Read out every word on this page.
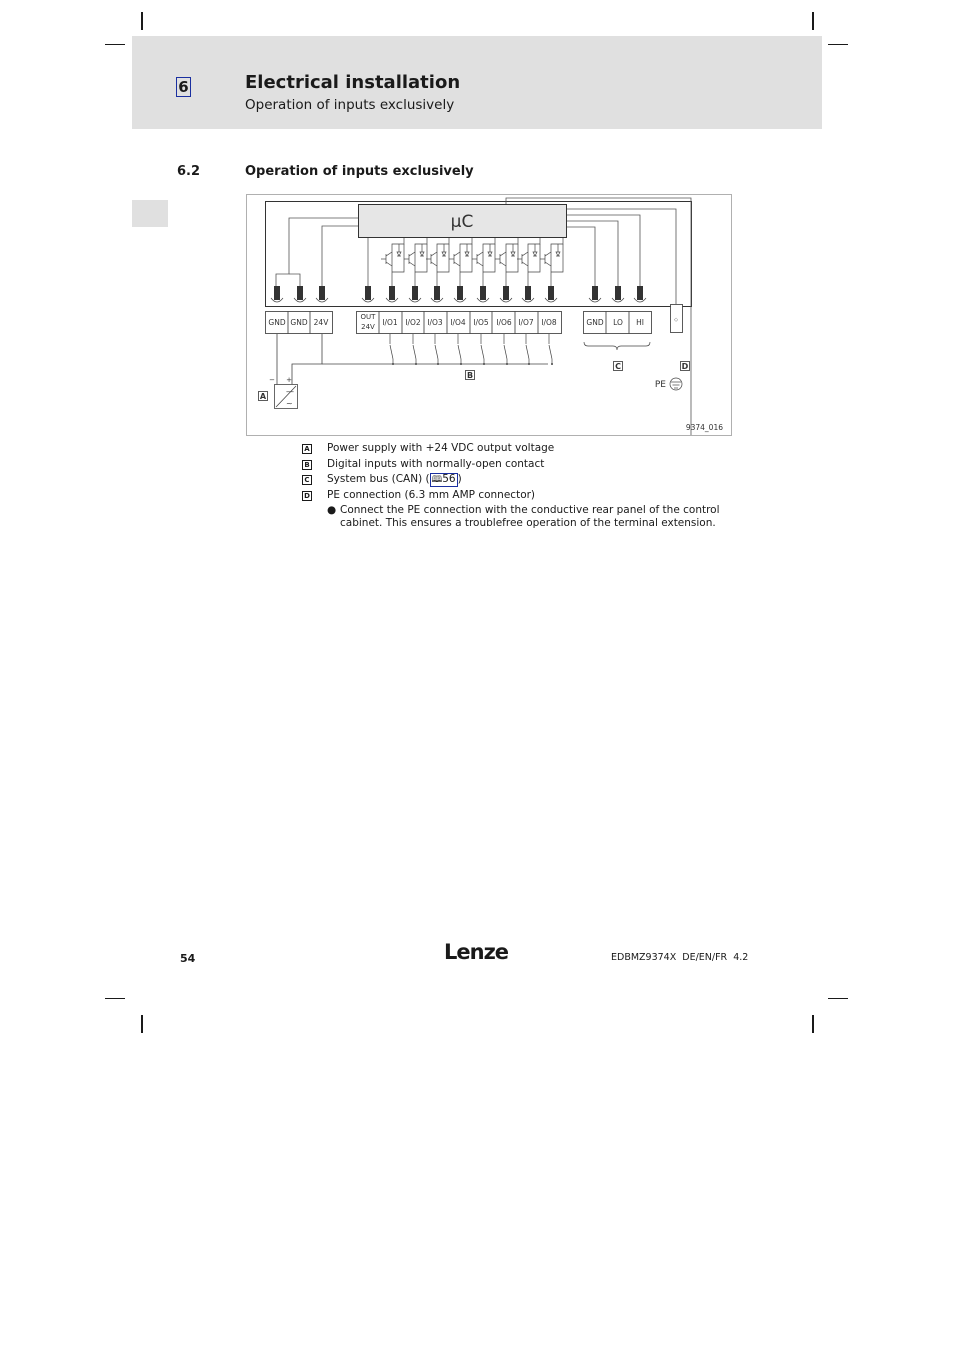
6	Electrical installation
Operation of inputs exclusively
6.2	Operation of inputs exclusively
µC
◇
GND GND 24V
OUT
24V I/O1 I/O2 I/O3 I/O4 I/O5 I/O6 I/O7 I/O8	GND LO HI
—
~
− +	PE
A
B
C	D
9374_016
A Power supply with +24 VDC output voltage
B Digital inputs with normally-open contact
C System bus (CAN) ( 🕮56 )
D PE connection (6.3 mm AMP connector)
● Connect the PE connection with the conductive rear panel of the control
cabinet. This ensures a troublefree operation of the terminal extension.
54	Lenze	EDBMZ9374X  DE/EN/FR  4.2
